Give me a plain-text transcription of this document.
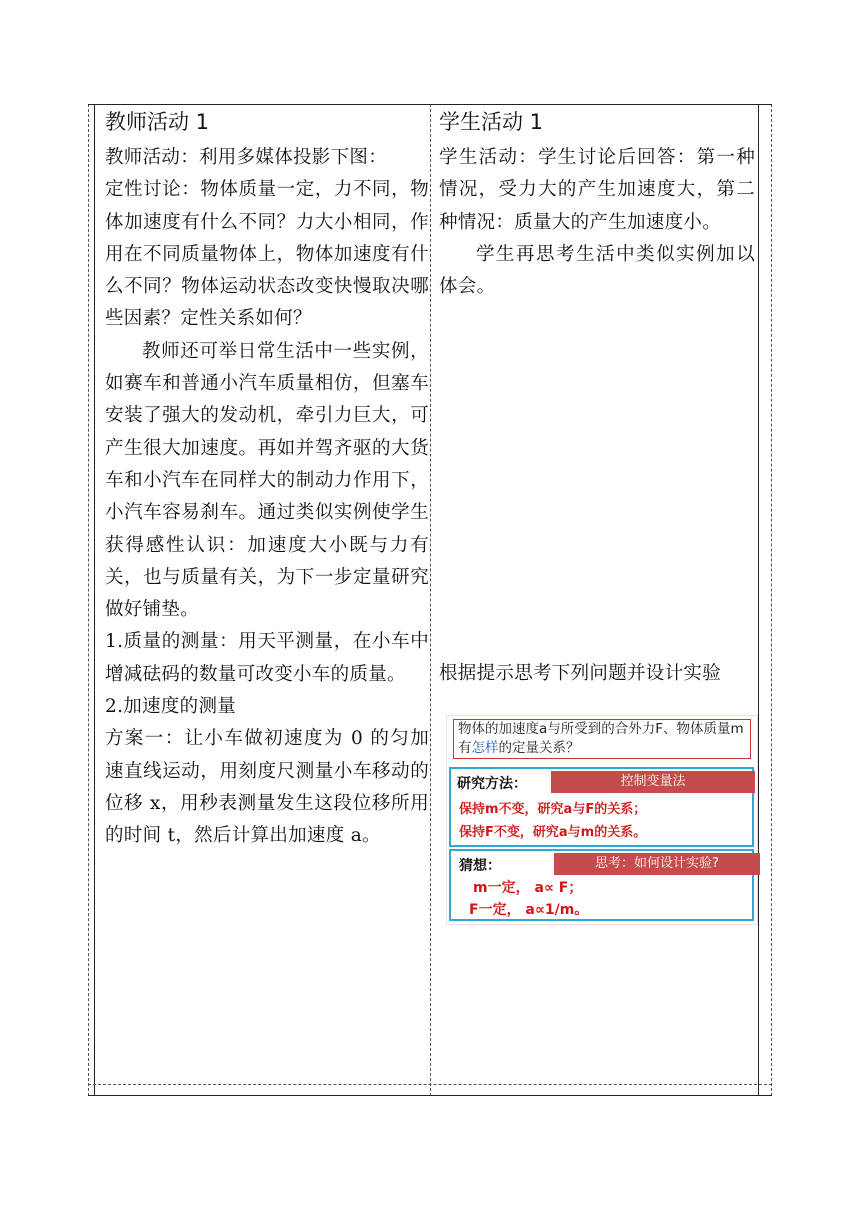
教师活动 1

教师活动：利用多媒体投影下图：

定性讨论：物体质量一定，力不同，物体加速度有什么不同？力大小相同，作用在不同质量物体上，物体加速度有什么不同？物体运动状态改变快慢取决哪些因素？定性关系如何？

教师还可举日常生活中一些实例，如赛车和普通小汽车质量相仿，但塞车安装了强大的发动机，牵引力巨大，可产生很大加速度。再如并驾齐驱的大货车和小汽车在同样大的制动力作用下，小汽车容易刹车。通过类似实例使学生获得感性认识：加速度大小既与力有关，也与质量有关，为下一步定量研究做好铺垫。

1.质量的测量：用天平测量，在小车中增减砝码的数量可改变小车的质量。

2.加速度的测量

方案一：让小车做初速度为 0 的匀加速直线运动，用刻度尺测量小车移动的位移 x，用秒表测量发生这段位移所用的时间 t，然后计算出加速度 a。

学生活动 1

学生活动：学生讨论后回答：第一种情况，受力大的产生加速度大，第二种情况：质量大的产生加速度小。

学生再思考生活中类似实例加以体会。

根据提示思考下列问题并设计实验

物体的加速度a与所受到的合外力F、物体质量m有怎样的定量关系？
研究方法：	控制变量法
保持m不变，研究a与F的关系；
保持F不变，研究a与m的关系。
猜想：	思考：如何设计实验?
m一定， a∝ F；
F一定， a∝1/m。
